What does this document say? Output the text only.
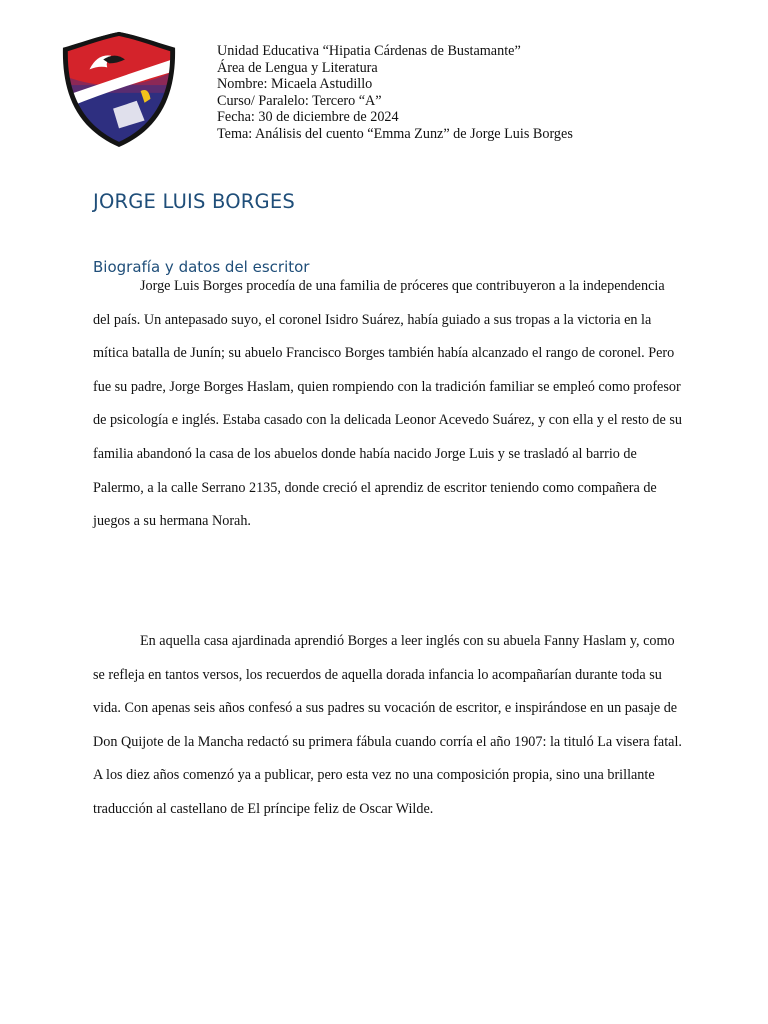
Unidad Educativa “Hipatia Cárdenas de Bustamante”
Área de Lengua y Literatura
Nombre: Micaela Astudillo
Curso/ Paralelo: Tercero “A”
Fecha: 30 de diciembre de 2024
Tema: Análisis del cuento “Emma Zunz” de Jorge Luis Borges
JORGE LUIS BORGES
Biografía y datos del escritor

Jorge Luis Borges procedía de una familia de próceres que contribuyeron a la independencia del país. Un antepasado suyo, el coronel Isidro Suárez, había guiado a sus tropas a la victoria en la mítica batalla de Junín; su abuelo Francisco Borges también había alcanzado el rango de coronel. Pero fue su padre, Jorge Borges Haslam, quien rompiendo con la tradición familiar se empleó como profesor de psicología e inglés. Estaba casado con la delicada Leonor Acevedo Suárez, y con ella y el resto de su familia abandonó la casa de los abuelos donde había nacido Jorge Luis y se trasladó al barrio de Palermo, a la calle Serrano 2135, donde creció el aprendiz de escritor teniendo como compañera de juegos a su hermana Norah.

En aquella casa ajardinada aprendió Borges a leer inglés con su abuela Fanny Haslam y, como se refleja en tantos versos, los recuerdos de aquella dorada infancia lo acompañarían durante toda su vida. Con apenas seis años confesó a sus padres su vocación de escritor, e inspirándose en un pasaje de Don Quijote de la Mancha redactó su primera fábula cuando corría el año 1907: la tituló La visera fatal. A los diez años comenzó ya a publicar, pero esta vez no una composición propia, sino una brillante traducción al castellano de El príncipe feliz de Oscar Wilde.
